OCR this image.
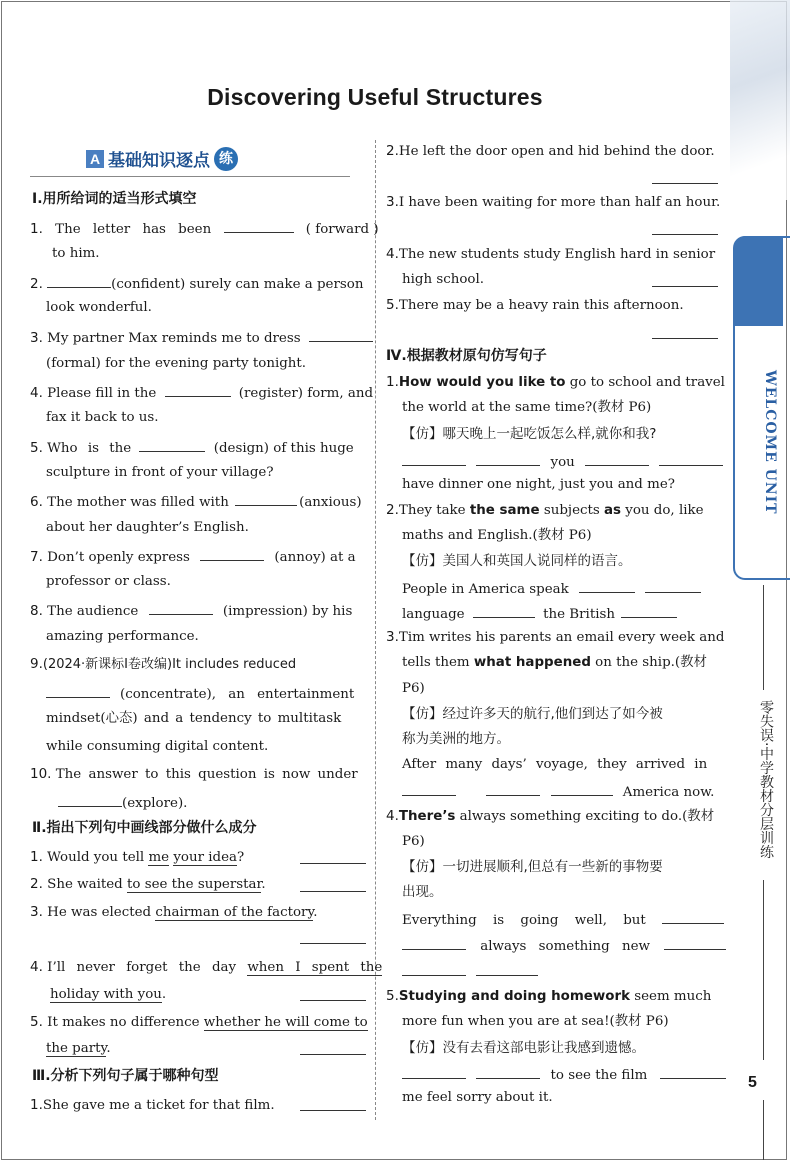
Discovering Useful Structures
A 基础知识逐点 练
Ⅰ.用所给词的适当形式填空
1. The letter has been	( forward )
to him.
2.	(confident) surely can make a person
look wonderful.
3. My partner Max reminds me to dress
(formal) for the evening party tonight.
4. Please fill in the	(register) form, and
fax it back to us.
5. Who is the	(design) of this huge
sculpture in front of your village?
6. The mother was filled with	(anxious)
about her daughter’s English.
7. Don’t openly express	(annoy) at a
professor or class.
8. The audience	(impression) by his
amazing performance.
9.(2024·新课标Ⅰ卷改编)It includes reduced
(concentrate), an entertainment
mindset(心态) and a tendency to multitask
while consuming digital content.
10. The answer to this question is now under
(explore).
Ⅱ.指出下列句中画线部分做什么成分
1. Would you tell me your idea?
2. She waited to see the superstar.
3. He was elected chairman of the factory.
4. I’ll never forget the day when I spent the
holiday with you.
5. It makes no difference whether he will come to
the party.
Ⅲ.分析下列句子属于哪种句型
1.She gave me a ticket for that film.
2.He left the door open and hid behind the door.
3.I have been waiting for more than half an hour.
4.The new students study English hard in senior
high school.
5.There may be a heavy rain this afternoon.
Ⅳ.根据教材原句仿写句子
1.How would you like to go to school and travel
the world at the same time?(教材 P6)
【仿】哪天晚上一起吃饭怎么样,就你和我?
you
have dinner one night, just you and me?
2.They take the same subjects as you do, like
maths and English.(教材 P6)
【仿】美国人和英国人说同样的语言。
People in America speak
language	the British
3.Tim writes his parents an email every week and
tells them what happened on the ship.(教材
P6)
【仿】经过许多天的航行,他们到达了如今被
称为美洲的地方。
After many days’ voyage, they arrived in
America now.
4.There’s always something exciting to do.(教材
P6)
【仿】一切进展顺利,但总有一些新的事物要
出现。
Everything is going well, but
always something new

5.Studying and doing homework seem much
more fun when you are at sea!(教材 P6)
【仿】没有去看这部电影让我感到遗憾。
to see the film
me feel sorry about it.
WELCOME UNIT
零失误·中学教材分层训练
5
